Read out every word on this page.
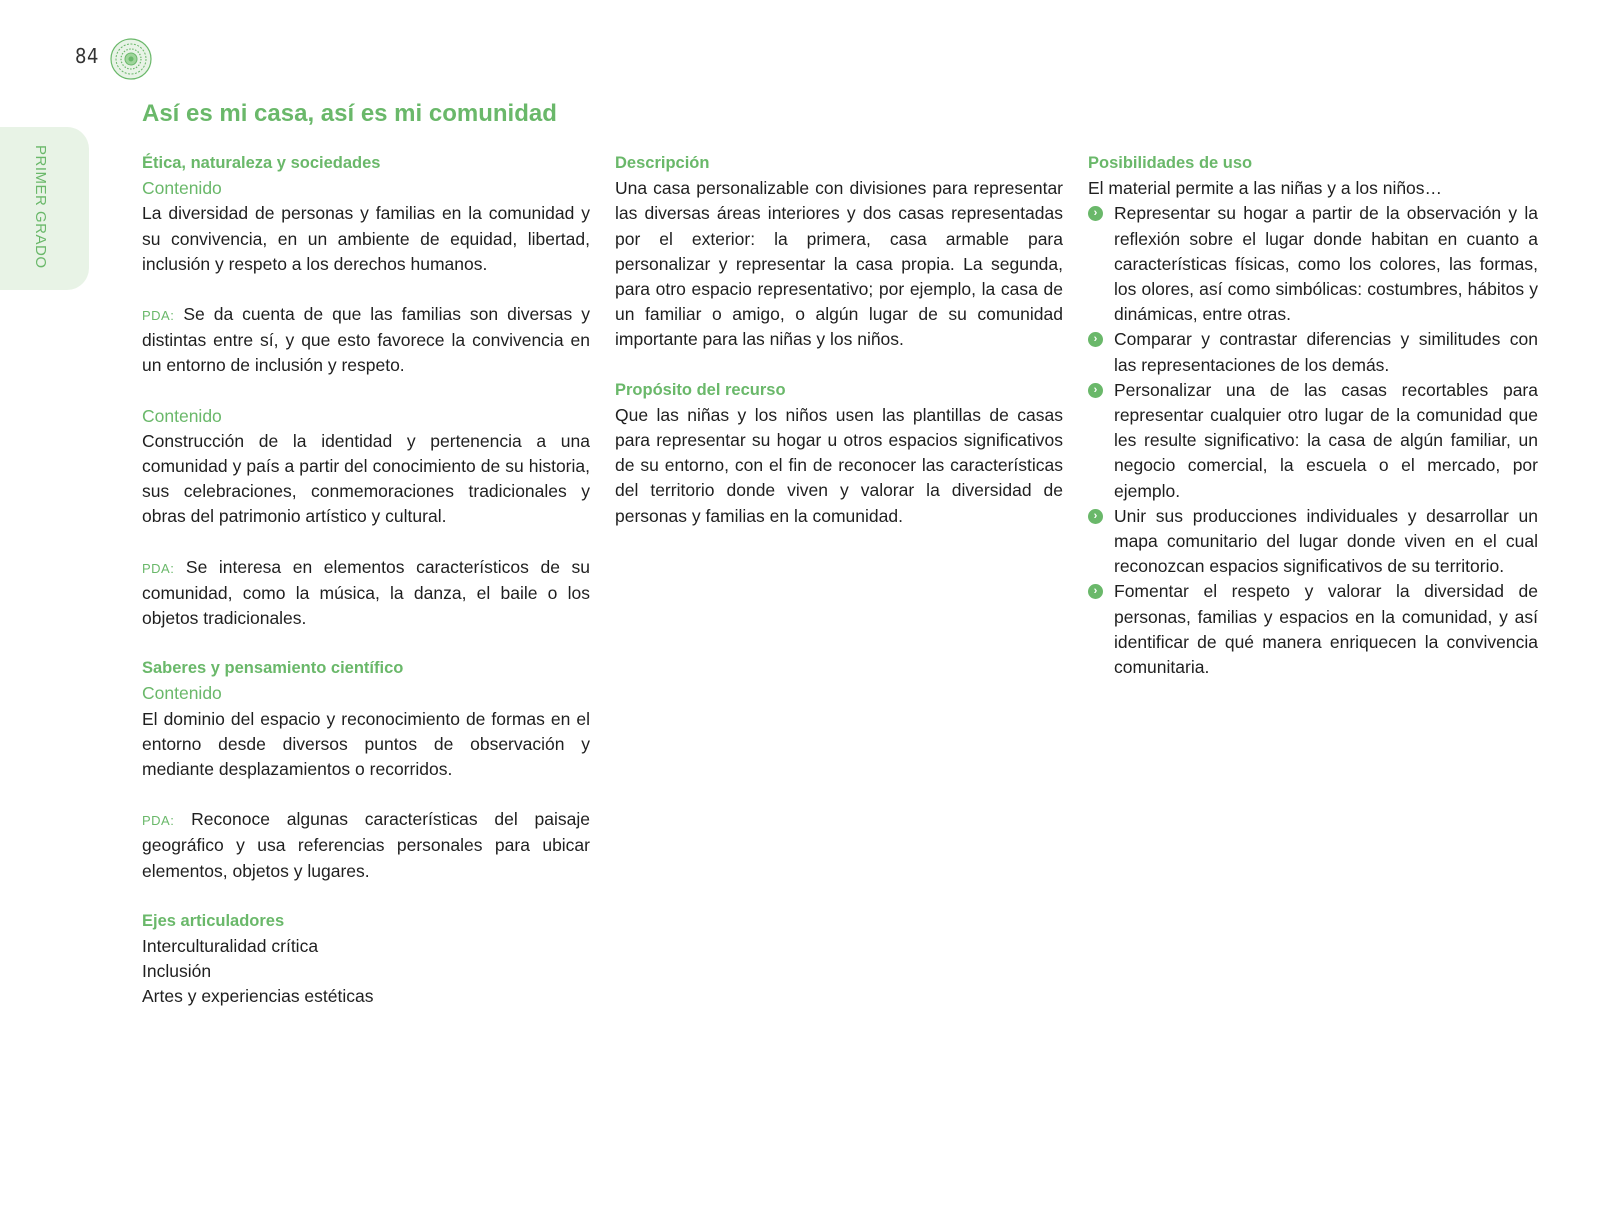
84
PRIMER GRADO
Así es mi casa, así es mi comunidad
Ética, naturaleza y sociedades
Contenido

La diversidad de personas y familias en la comunidad y su convivencia, en un ambiente de equidad, libertad, inclusión y respeto a los derechos humanos.

PDA: Se da cuenta de que las familias son diversas y distintas entre sí, y que esto favorece la convivencia en un entorno de inclusión y respeto.

Contenido

Construcción de la identidad y pertenencia a una comunidad y país a partir del conocimiento de su historia, sus celebraciones, conmemoraciones tradicionales y obras del patrimonio artístico y cultural.

PDA: Se interesa en elementos característicos de su comunidad, como la música, la danza, el baile o los objetos tradicionales.

Saberes y pensamiento científico
Contenido

El dominio del espacio y reconocimiento de formas en el entorno desde diversos puntos de observación y mediante desplazamientos o recorridos.

PDA: Reconoce algunas características del paisaje geográfico y usa referencias personales para ubicar elementos, objetos y lugares.

Ejes articuladores
Interculturalidad crítica
Inclusión
Artes y experiencias estéticas
Descripción

Una casa personalizable con divisiones para representar las diversas áreas interiores y dos casas representadas por el exterior: la primera, casa armable para personalizar y representar la casa propia. La segunda, para otro espacio representativo; por ejemplo, la casa de un familiar o amigo, o algún lugar de su comunidad importante para las niñas y los niños.

Propósito del recurso

Que las niñas y los niños usen las plantillas de casas para representar su hogar u otros espacios significativos de su entorno, con el fin de reconocer las características del territorio donde viven y valorar la diversidad de personas y familias en la comunidad.

Posibilidades de uso
El material permite a las niñas y a los niños…
› Representar su hogar a partir de la observación y la reflexión sobre el lugar donde habitan en cuanto a características físicas, como los colores, las formas, los olores, así como simbólicas: costumbres, hábitos y dinámicas, entre otras.
› Comparar y contrastar diferencias y similitudes con las representaciones de los demás.
› Personalizar una de las casas recortables para representar cualquier otro lugar de la comunidad que les resulte significativo: la casa de algún familiar, un negocio comercial, la escuela o el mercado, por ejemplo.
› Unir sus producciones individuales y desarrollar un mapa comunitario del lugar donde viven en el cual reconozcan espacios significativos de su territorio.
› Fomentar el respeto y valorar la diversidad de personas, familias y espacios en la comunidad, y así identificar de qué manera enriquecen la convivencia comunitaria.
